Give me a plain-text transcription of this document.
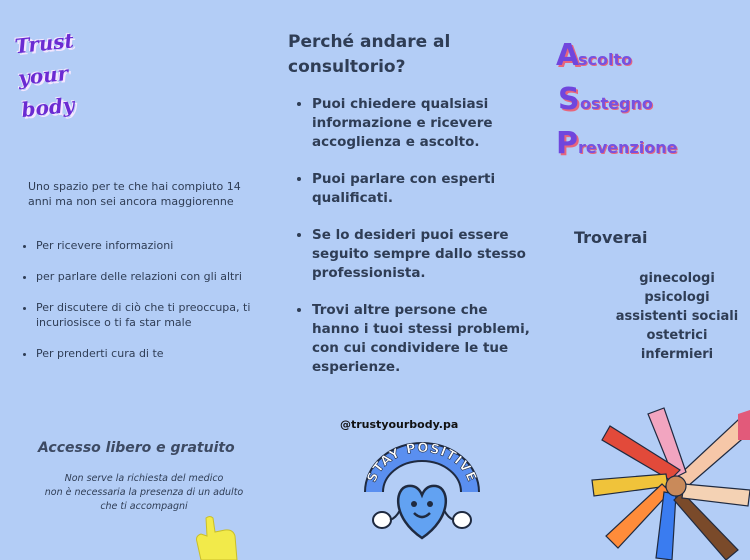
Trust
your
body
Uno spazio per te che hai compiuto 14 anni ma non sei ancora maggiorenne
• Per ricevere informazioni
• per parlare delle relazioni con gli altri
• Per discutere di ciò che ti preoccupa, ti incuriosisce o ti fa star male
• Per prenderti cura di te
Accesso libero e gratuito
Non serve la richiesta del medico
non è necessaria la presenza di un adulto
che ti accompagni
Perché andare al consultorio?
• Puoi chiedere qualsiasi informazione e ricevere accoglienza e ascolto.
• Puoi parlare con esperti qualificati.
• Se lo desideri puoi essere seguito sempre dallo stesso professionista.
• Trovi altre persone che hanno i tuoi stessi problemi, con cui condividere le tue esperienze.
@trustyourbody.pa
STAY POSITIVE
A
scolto
S ostegno
P revenzione
Troverai
ginecologi
psicologi
assistenti sociali
ostetrici
infermieri
